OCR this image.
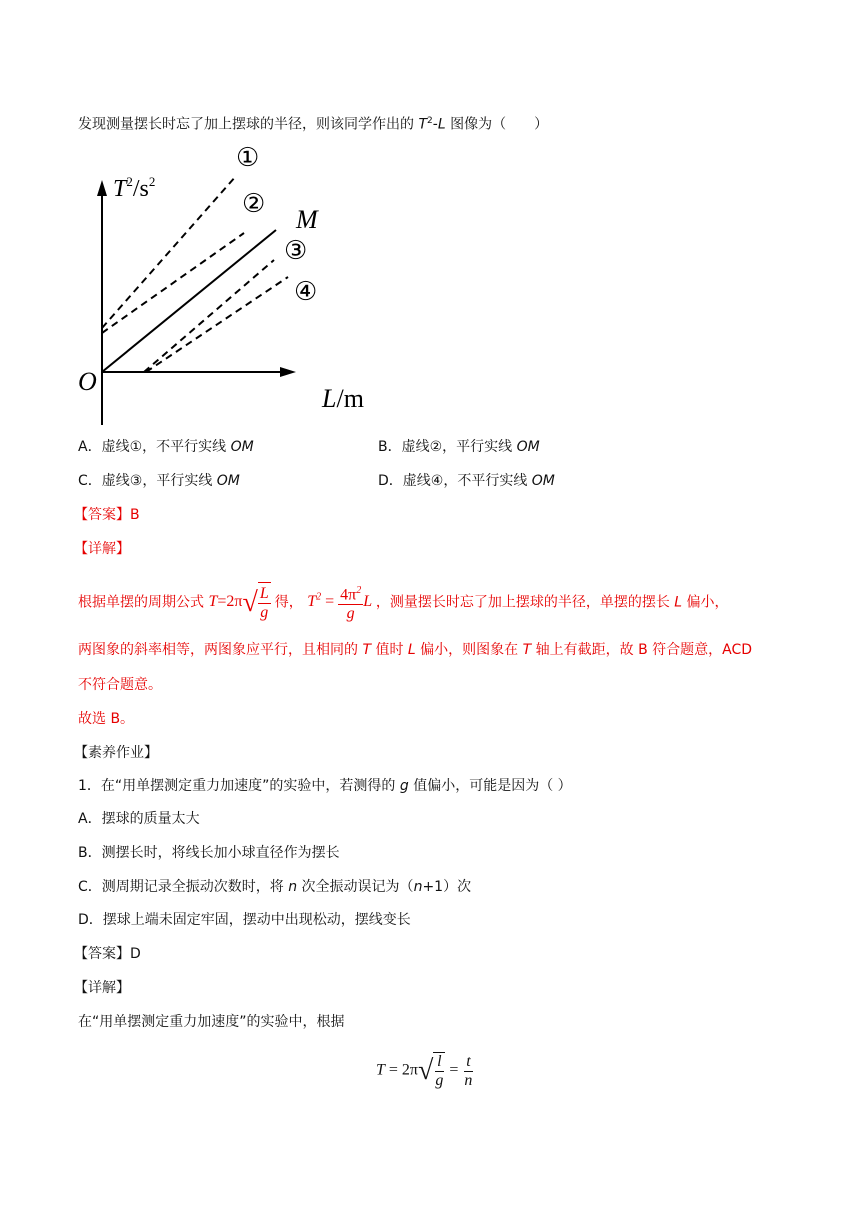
发现测量摆长时忘了加上摆球的半径，则该同学作出的 $T^2-L$ 图像为（　　）
$T^2/s^2$
L/m
O
①
②
M
③
④
A．虚线①，不平行实线 OM	B．虚线②，平行实线 OM
C．虚线③，平行实线 OM	D．虚线④，不平行实线 OM
【答案】B
【详解】
根据单摆的周期公式 T=2π √ $\frac{L}{g}$ 得， $T^2 = \frac{4\pi^2}{g}$ L ，测量摆长时忘了加上摆球的半径，单摆的摆长 L 偏小，
两图象的斜率相等，两图象应平行，且相同的 T 值时 L 偏小，则图象在 T 轴上有截距，故 B 符合题意，ACD
不符合题意。
故选 B。
【素养作业】
1．在“用单摆测定重力加速度”的实验中，若测得的 g 值偏小，可能是因为（ ）
A．摆球的质量太大
B．测摆长时，将线长加小球直径作为摆长
C．测周期记录全振动次数时，将 n 次全振动误记为（n+1）次
D．摆球上端未固定牢固，摆动中出现松动，摆线变长
【答案】D
【详解】
在“用单摆测定重力加速度”的实验中，根据
T = 2π √ $\frac{l}{g} = \frac{t}{n}$
